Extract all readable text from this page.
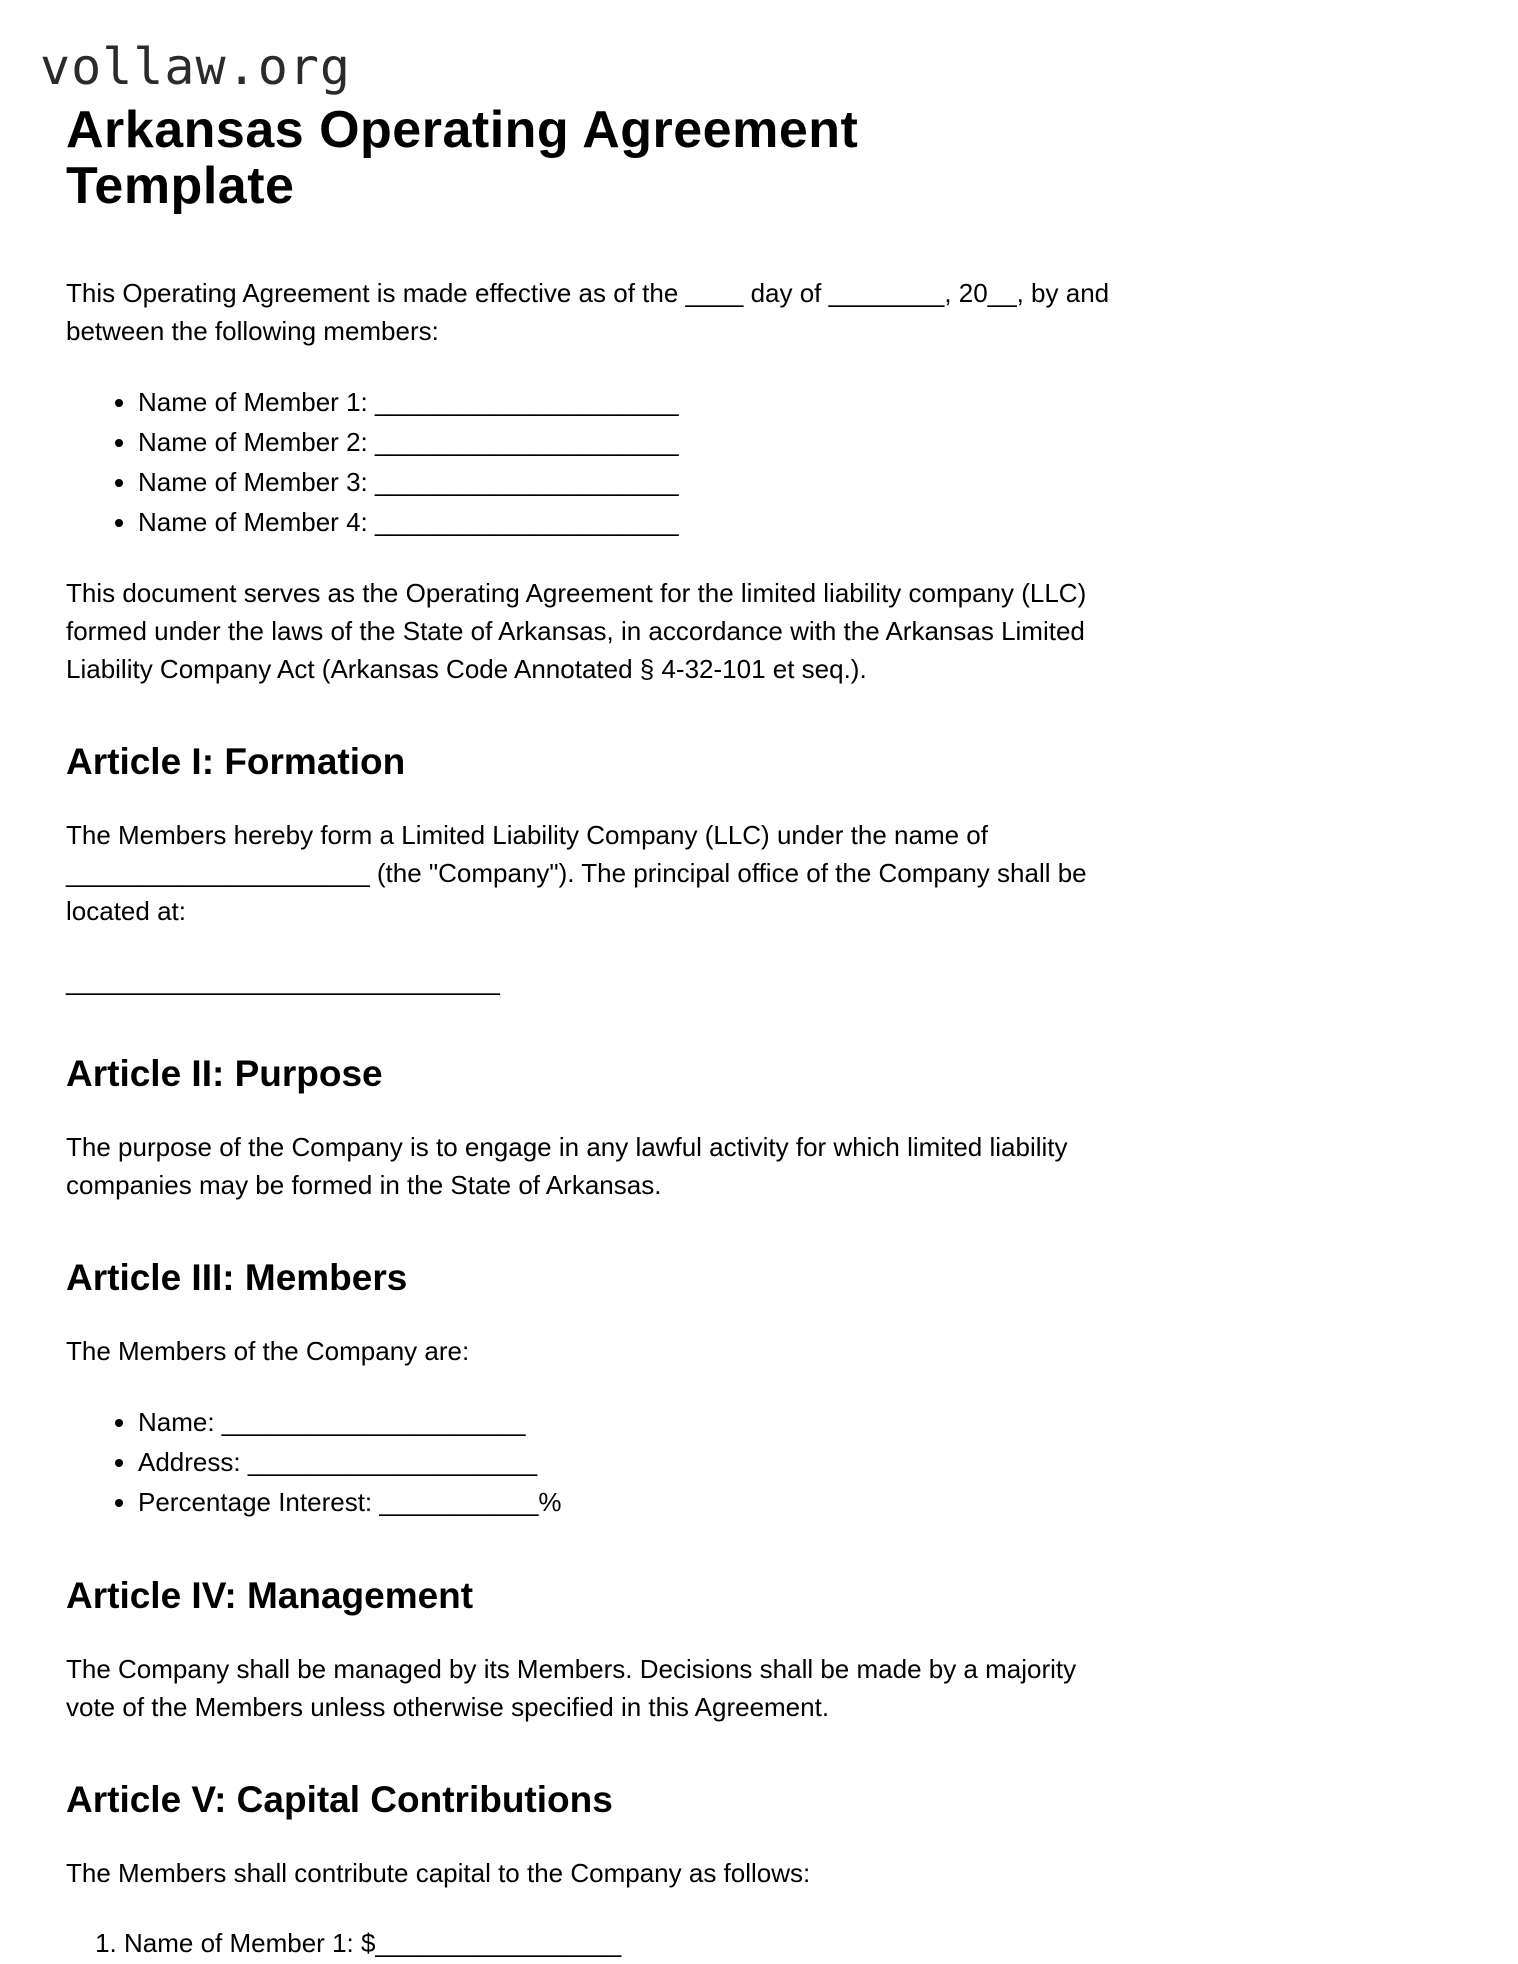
vollaw.org
Arkansas Operating Agreement Template

This Operating Agreement is made effective as of the ____ day of ________, 20__, by and between the following members:

• Name of Member 1: _____________________
• Name of Member 2: _____________________
• Name of Member 3: _____________________
• Name of Member 4: _____________________

This document serves as the Operating Agreement for the limited liability company (LLC) formed under the laws of the State of Arkansas, in accordance with the Arkansas Limited Liability Company Act (Arkansas Code Annotated § 4-32-101 et seq.).

Article I: Formation

The Members hereby form a Limited Liability Company (LLC) under the name of _____________________ (the "Company"). The principal office of the Company shall be located at:

______________________________

Article II: Purpose

The purpose of the Company is to engage in any lawful activity for which limited liability companies may be formed in the State of Arkansas.

Article III: Members

The Members of the Company are:

• Name: _____________________
• Address: ____________________
• Percentage Interest: ___________%
Article IV: Management

The Company shall be managed by its Members. Decisions shall be made by a majority vote of the Members unless otherwise specified in this Agreement.

Article V: Capital Contributions

The Members shall contribute capital to the Company as follows:

1. Name of Member 1: $_________________
